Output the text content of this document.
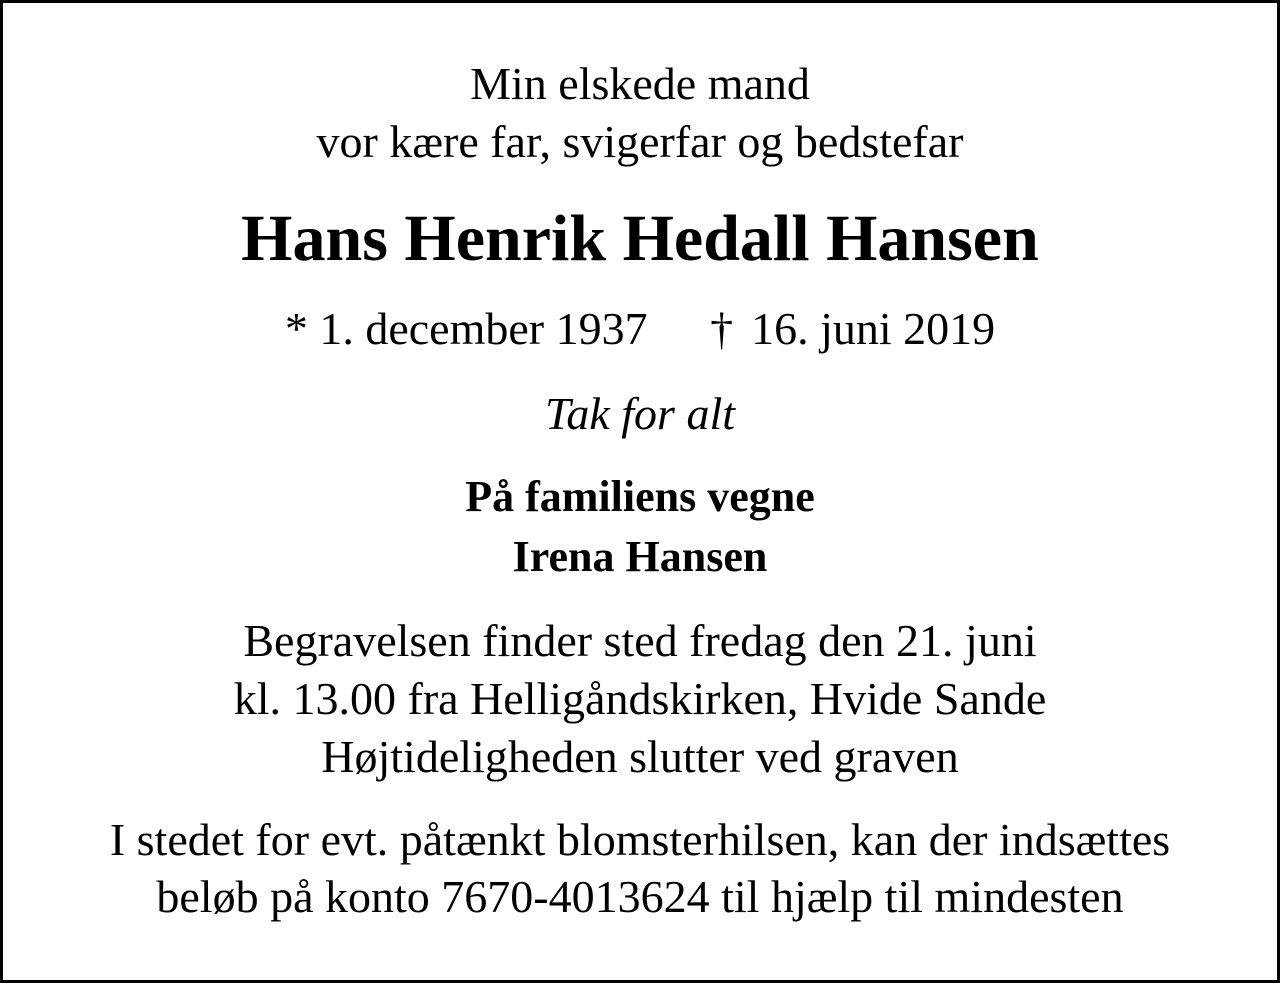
Min elskede mand

vor kære far, svigerfar og bedstefar

Hans Henrik Hedall Hansen

* 1. december 1937 † 16. juni 2019

Tak for alt

På familiens vegne

Irena Hansen

Begravelsen finder sted fredag den 21. juni

kl. 13.00 fra Helligåndskirken, Hvide Sande

Højtideligheden slutter ved graven

I stedet for evt. påtænkt blomsterhilsen, kan der indsættes

beløb på konto 7670-4013624 til hjælp til mindesten
